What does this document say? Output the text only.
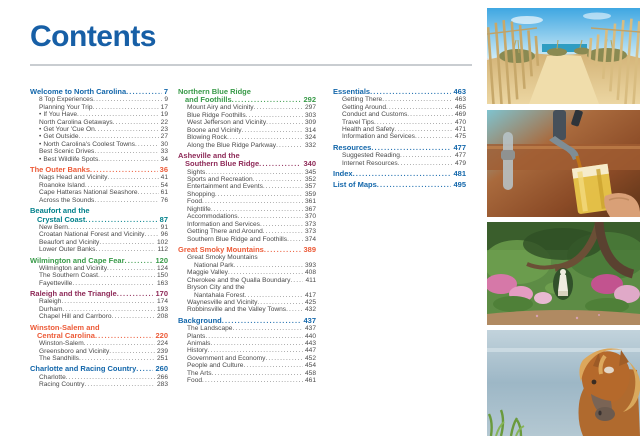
Contents
Welcome to North Carolina .....	7
8 Top Experiences .....	9
Planning Your Trip .....	17
• If You Have .....	19
North Carolina Getaways .....	22
• Get Your 'Cue On .....	23
• Get Outside .....	27
• North Carolina's Coolest Towns .....	30
Best Scenic Drives .....	33
• Best Wildlife Spots .....	34
The Outer Banks .....	36
Nags Head and Vicinity .....	41
Roanoke Island .....	54
Cape Hatteras National Seashore .....	61
Across the Sounds .....	76
Beaufort and the
Crystal Coast .....	87
New Bern .....	91
Croatan National Forest and Vicinity ..... 96
Beaufort and Vicinity .....	102
Lower Outer Banks .....	112
Wilmington and Cape Fear .....	120
Wilmington and Vicinity .....	124
The Southern Coast .....	150
Fayetteville .....	163
Raleigh and the Triangle .....	170
Raleigh .....	174
Durham .....	193
Chapel Hill and Carrboro .....	208
Winston-Salem and
Central Carolina .....	220
Winston-Salem .....	224
Greensboro and Vicinity .....	239
The Sandhills .....	251
Charlotte and Racing Country .....	260
Charlotte .....	266
Racing Country .....	283
Northern Blue Ridge
and Foothills .....	292
Mount Airy and Vicinity .....	297
Blue Ridge Foothills .....	303
West Jefferson and Vicinity .....	309
Boone and Vicinity .....	314
Blowing Rock .....	324
Along the Blue Ridge Parkway .....	332
Asheville and the
Southern Blue Ridge .....	340
Sights .....	345
Sports and Recreation .....	352
Entertainment and Events .....	357
Shopping .....	359
Food .....	361
Nightlife .....	367
Accommodations .....	370
Information and Services .....	373
Getting There and Around .....	373
Southern Blue Ridge and Foothills .....	374
Great Smoky Mountains .....	389
Great Smoky Mountains
National Park .....	393
Maggie Valley .....	408
Cherokee and the Qualla Boundary ..... 411
Bryson City and the
Nantahala Forest .....	417
Waynesville and Vicinity .....	425
Robbinsville and the Valley Towns .....	432
Background .....	437
The Landscape .....	437
Plants .....	440
Animals .....	443
History .....	447
Government and Economy .....	452
People and Culture .....	454
The Arts .....	458
Food .....	461
Essentials .....	463
Getting There .....	463
Getting Around .....	465
Conduct and Customs .....	469
Travel Tips .....	470
Health and Safety .....	471
Information and Services .....	475
Resources .....	477
Suggested Reading .....	477
Internet Resources .....	479
Index .....	481
List of Maps .....	495
